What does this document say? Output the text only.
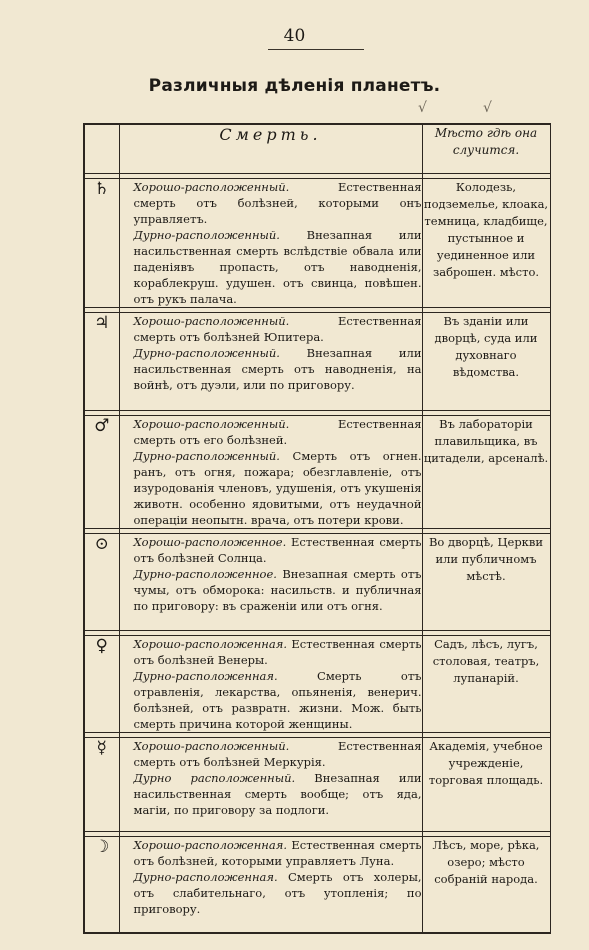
40
Различныя дѣленія планетъ.
√	√
	Смерть.	Мѣсто гдѣ она случится.

♄	Хорошо-расположенный. Естественная смерть отъ болѣзней, которыми онъ управляетъ.
Дурно-расположенный. Внезапная или насильственная смерть вслѣдствіе обвала или паденіявъ пропасть, отъ наводненія, кораблекруш. удушен. отъ свинца, повѣшен. отъ рукъ палача.	Колодезь, подземелье, клоака, темница, кладбище, пустынное и уединенное или заброшен. мѣсто.

♃	Хорошо-расположенный. Естественная смерть отъ болѣзней Юпитера.
Дурно-расположенный. Внезапная или насильственная смерть отъ наводненія, на войнѣ, отъ дуэли, или по приговору.	Въ зданіи или дворцѣ, суда или духовнаго вѣдомства.

♂	Хорошо-расположенный. Естественная смерть отъ его болѣзней.
Дурно-расположенный. Смерть отъ огнен. ранъ, отъ огня, пожара; обезглавленіе, отъ изуродованія членовъ, удушенія, отъ укушенія животн. особенно ядовитыми, отъ неудачной операціи неопытн. врача, отъ потери крови.	Въ лабораторіи плавильщика, въ цитадели, арсеналѣ.

⊙	Хорошо-расположенное. Естественная смерть отъ болѣзней Солнца.
Дурно-расположенное. Внезапная смерть отъ чумы, отъ обморока: насильств. и публичная по приговору: въ сраженіи или отъ огня.	Во дворцѣ, Церкви или публичномъ мѣстѣ.

♀	Хорошо-расположенная. Естественная смерть отъ болѣзней Венеры.
Дурно-расположенная. Смерть отъ отравленія, лекарства, опьяненія, венерич. болѣзней, отъ развратн. жизни. Мож. быть смерть причина которой женщины.	Садъ, лѣсъ, лугъ, столовая, театръ, лупанарій.

☿	Хорошо-расположенный. Естественная смерть отъ болѣзней Меркурія.
Дурно расположенный. Внезапная или насильственная смерть вообще; отъ яда, магіи, по приговору за подлоги.	Академія, учебное учрежденіе, торговая площадь.

☽	Хорошо-расположенная. Естественная смерть отъ болѣзней, которыми управляетъ Луна.
Дурно-расположенная. Смерть отъ холеры, отъ слабительнаго, отъ утопленія; по приговору.	Лѣсъ, море, рѣка, озеро; мѣсто собраній народа.
